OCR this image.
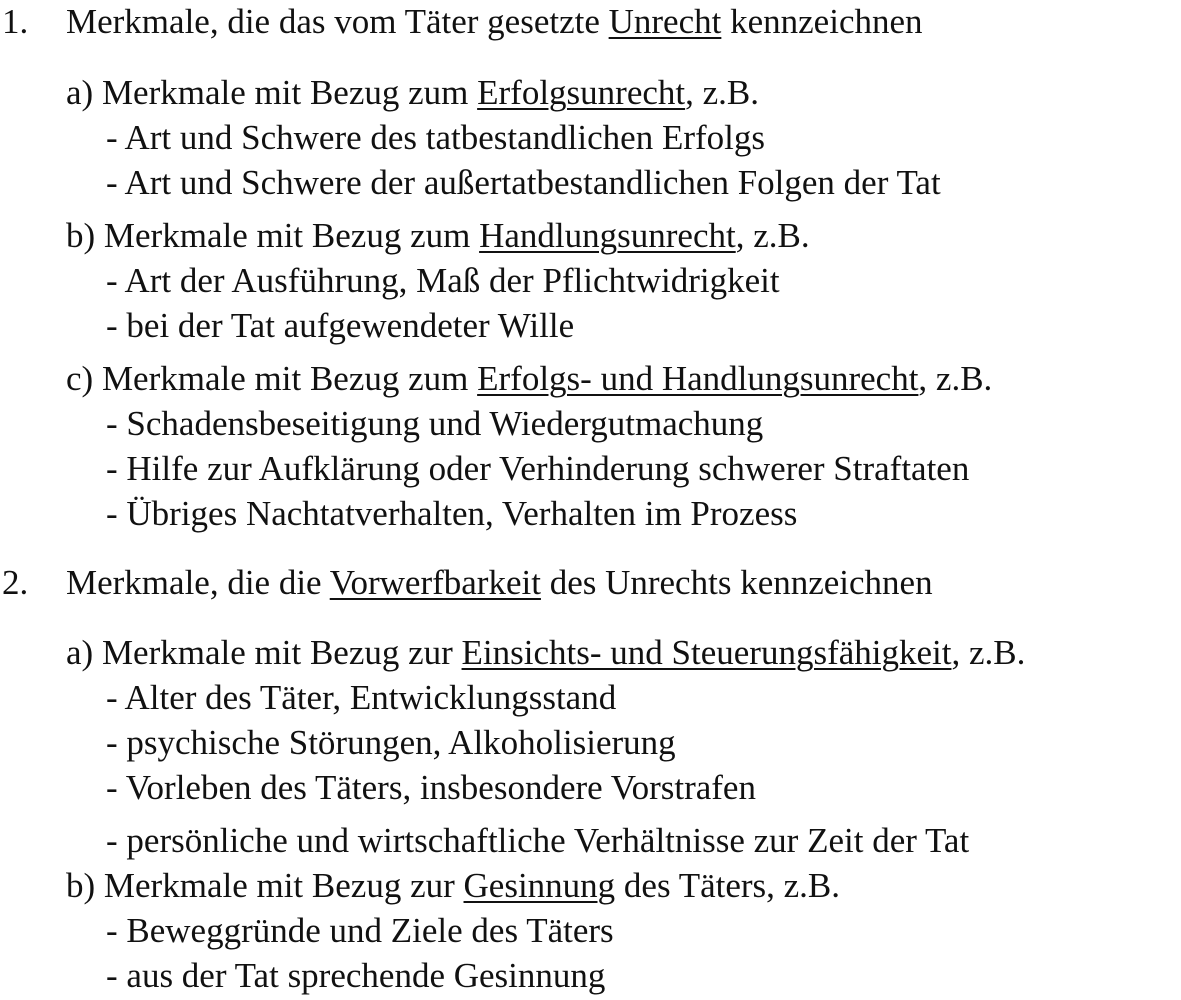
1. Merkmale, die das vom Täter gesetzte Unrecht kennzeichnen
a) Merkmale mit Bezug zum Erfolgsunrecht, z.B.
- Art und Schwere des tatbestandlichen Erfolgs
- Art und Schwere der außertatbestandlichen Folgen der Tat
b) Merkmale mit Bezug zum Handlungsunrecht, z.B.
- Art der Ausführung, Maß der Pflichtwidrigkeit
- bei der Tat aufgewendeter Wille
c) Merkmale mit Bezug zum Erfolgs- und Handlungsunrecht, z.B.
- Schadensbeseitigung und Wiedergutmachung
- Hilfe zur Aufklärung oder Verhinderung schwerer Straftaten
- Übriges Nachtatverhalten, Verhalten im Prozess
2. Merkmale, die die Vorwerfbarkeit des Unrechts kennzeichnen
a) Merkmale mit Bezug zur Einsichts- und Steuerungsfähigkeit, z.B.
- Alter des Täter, Entwicklungsstand
- psychische Störungen, Alkoholisierung
- Vorleben des Täters, insbesondere Vorstrafen
- persönliche und wirtschaftliche Verhältnisse zur Zeit der Tat
b) Merkmale mit Bezug zur Gesinnung des Täters, z.B.
- Beweggründe und Ziele des Täters
- aus der Tat sprechende Gesinnung
